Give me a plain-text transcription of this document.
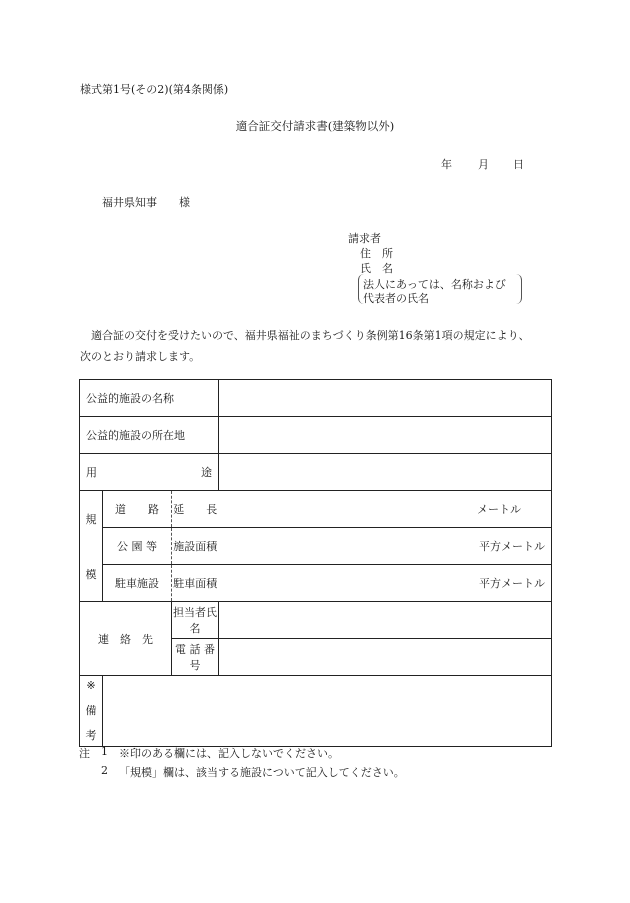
様式第1号(その2)(第4条関係)
適合証交付請求書(建築物以外)
年 月 日
福井県知事　　様
請求者
住　所
氏　名
法人にあっては、名称および
代表者の氏名
　適合証の交付を受けたいので、福井県福祉のまちづくり条例第16条第1項の規定により、
次のとおり請求します。
公益的施設の名称			

公益的施設の所在地			

用 途			

規
模	道　　路	延　　長	メートル

	公 園 等	施設面積	平方メートル

	駐車施設	駐車面積	平方メートル

連　絡　先		担当者氏名	
		電 話 番 号	

※
備
考			

注 1 ※印のある欄には、記入しないでください。
2 「規模」欄は、該当する施設について記入してください。
